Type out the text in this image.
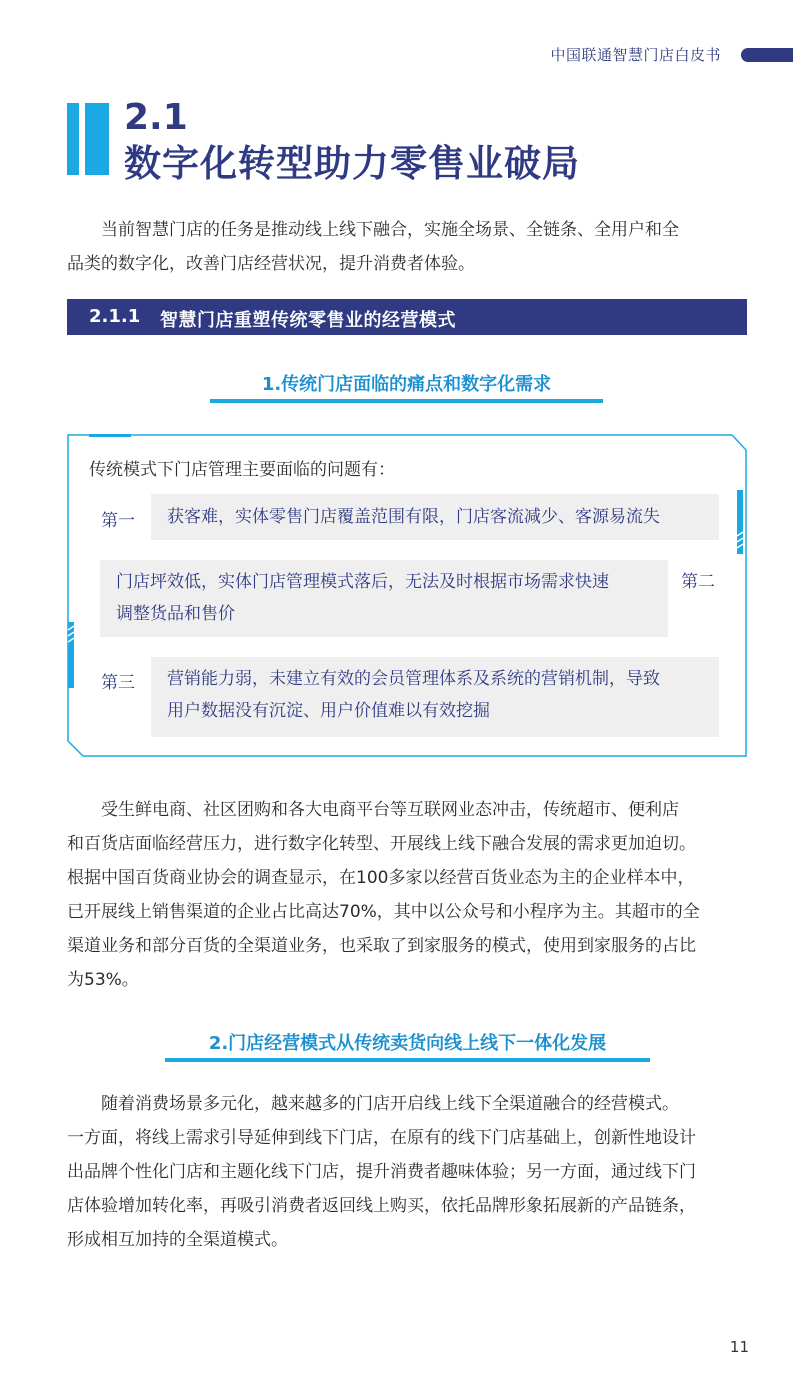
中国联通智慧门店白皮书
2.1
数字化转型助力零售业破局
当前智慧门店的任务是推动线上线下融合，实施全场景、全链条、全用户和全
品类的数字化，改善门店经营状况，提升消费者体验。
2.1.1 智慧门店重塑传统零售业的经营模式
1.传统门店面临的痛点和数字化需求
传统模式下门店管理主要面临的问题有：
第一 获客难，实体零售门店覆盖范围有限，门店客流减少、客源易流失
门店坪效低，实体门店管理模式落后，无法及时根据市场需求快速
调整货品和售价
第二
第三 营销能力弱，未建立有效的会员管理体系及系统的营销机制，导致
用户数据没有沉淀、用户价值难以有效挖掘
受生鲜电商、社区团购和各大电商平台等互联网业态冲击，传统超市、便利店
和百货店面临经营压力，进行数字化转型、开展线上线下融合发展的需求更加迫切。
根据中国百货商业协会的调查显示，在100多家以经营百货业态为主的企业样本中，
已开展线上销售渠道的企业占比高达70%，其中以公众号和小程序为主。其超市的全
渠道业务和部分百货的全渠道业务，也采取了到家服务的模式，使用到家服务的占比
为53%。
2.门店经营模式从传统卖货向线上线下一体化发展
随着消费场景多元化，越来越多的门店开启线上线下全渠道融合的经营模式。
一方面，将线上需求引导延伸到线下门店，在原有的线下门店基础上，创新性地设计
出品牌个性化门店和主题化线下门店，提升消费者趣味体验；另一方面，通过线下门
店体验增加转化率，再吸引消费者返回线上购买，依托品牌形象拓展新的产品链条，
形成相互加持的全渠道模式。
11
